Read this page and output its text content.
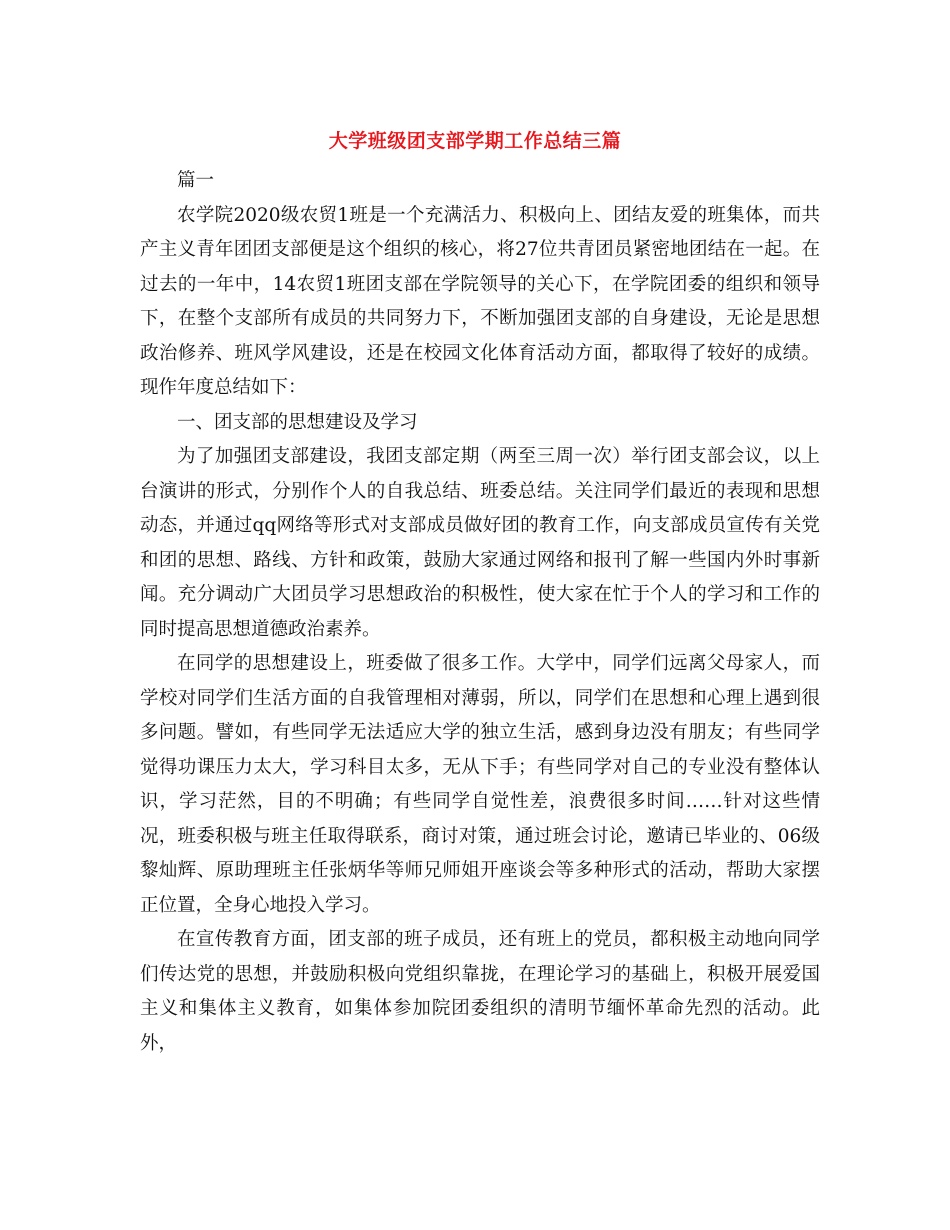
大学班级团支部学期工作总结三篇

篇一

农学院2020级农贸1班是一个充满活力、积极向上、团结友爱的班集体，而共产主义青年团团支部便是这个组织的核心，将27位共青团员紧密地团结在一起。在过去的一年中，14农贸1班团支部在学院领导的关心下，在学院团委的组织和领导下，在整个支部所有成员的共同努力下，不断加强团支部的自身建设，无论是思想政治修养、班风学风建设，还是在校园文化体育活动方面，都取得了较好的成绩。现作年度总结如下：

一、团支部的思想建设及学习

为了加强团支部建设，我团支部定期（两至三周一次）举行团支部会议，以上台演讲的形式，分别作个人的自我总结、班委总结。关注同学们最近的表现和思想动态，并通过qq网络等形式对支部成员做好团的教育工作，向支部成员宣传有关党和团的思想、路线、方针和政策，鼓励大家通过网络和报刊了解一些国内外时事新闻。充分调动广大团员学习思想政治的积极性，使大家在忙于个人的学习和工作的同时提高思想道德政治素养。

在同学的思想建设上，班委做了很多工作。大学中，同学们远离父母家人，而学校对同学们生活方面的自我管理相对薄弱，所以，同学们在思想和心理上遇到很多问题。譬如，有些同学无法适应大学的独立生活，感到身边没有朋友；有些同学觉得功课压力太大，学习科目太多，无从下手；有些同学对自己的专业没有整体认识，学习茫然，目的不明确；有些同学自觉性差，浪费很多时间……针对这些情况，班委积极与班主任取得联系，商讨对策，通过班会讨论，邀请已毕业的、06级黎灿辉、原助理班主任张炳华等师兄师姐开座谈会等多种形式的活动，帮助大家摆正位置，全身心地投入学习。

在宣传教育方面，团支部的班子成员，还有班上的党员，都积极主动地向同学们传达党的思想，并鼓励积极向党组织靠拢，在理论学习的基础上，积极开展爱国主义和集体主义教育，如集体参加院团委组织的清明节缅怀革命先烈的活动。此外，
